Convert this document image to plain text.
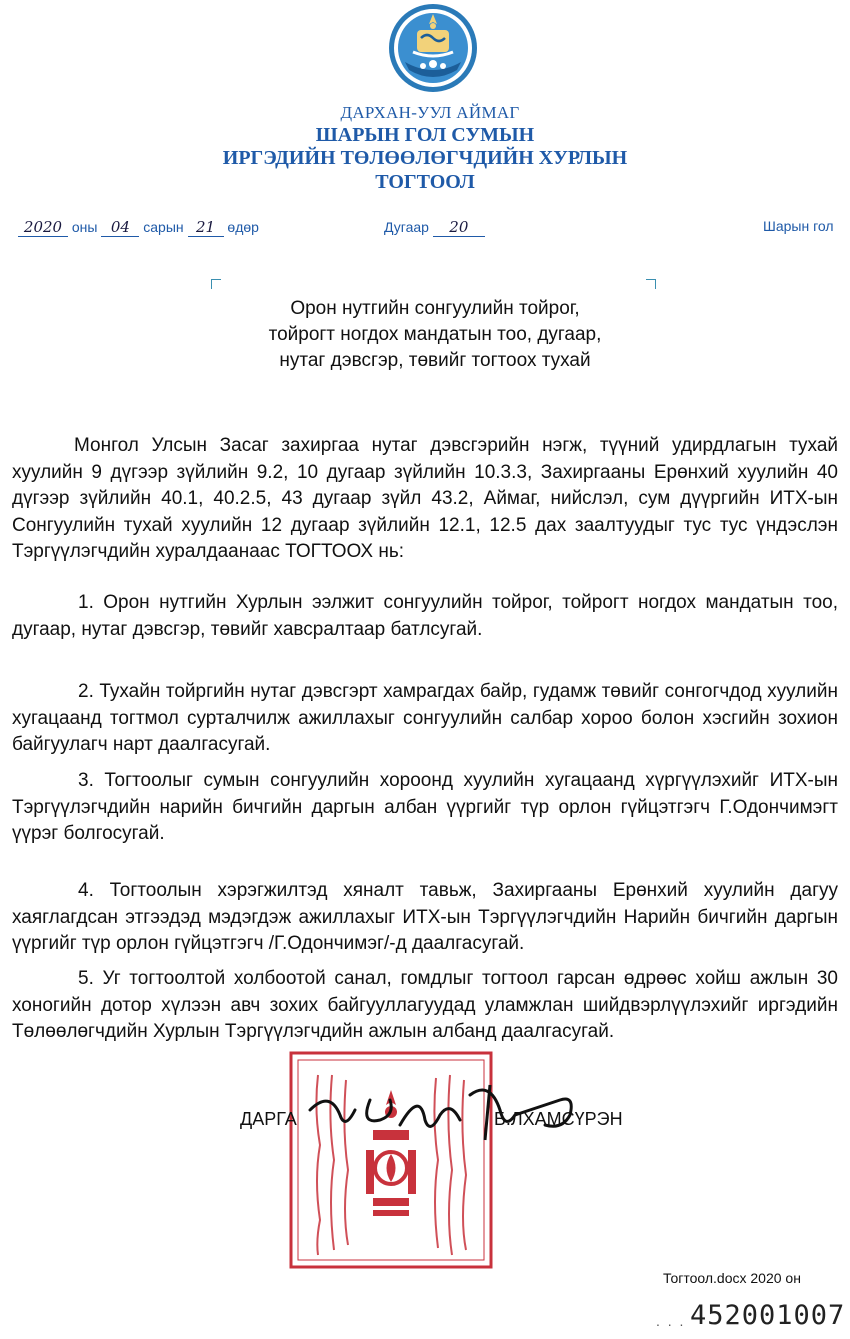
ДАРХАН-УУЛ АЙМАГ
ШАРЫН ГОЛ СУМЫН
ИРГЭДИЙН ТӨЛӨӨЛӨГЧДИЙН ХУРЛЫН
ТОГТООЛ
2020 оны 04 сарын 21 өдөр	Дугаар 20	Шарын гол
Орон нутгийн сонгуулийн тойрог,
тойрогт ногдох мандатын тоо, дугаар,
нутаг дэвсгэр, төвийг тогтоох тухай
Монгол Улсын Засаг захиргаа нутаг дэвсгэрийн нэгж, түүний удирдлагын тухай хуулийн 9 дүгээр зүйлийн 9.2, 10 дугаар зүйлийн 10.3.3, Захиргааны Ерөнхий хуулийн 40 дүгээр зүйлийн 40.1, 40.2.5, 43 дугаар зүйл 43.2, Аймаг, нийслэл, сум дүүргийн ИТХ-ын Сонгуулийн тухай хуулийн 12 дугаар зүйлийн 12.1, 12.5 дах заалтуудыг тус тус үндэслэн Тэргүүлэгчдийн хуралдаанаас ТОГТООХ нь:
1. Орон нутгийн Хурлын ээлжит сонгуулийн тойрог, тойрогт ногдох мандатын тоо, дугаар, нутаг дэвсгэр, төвийг хавсралтаар батлсугай.
2. Тухайн тойргийн нутаг дэвсгэрт хамрагдах байр, гудамж төвийг сонгогчдод хуулийн хугацаанд тогтмол сурталчилж ажиллахыг сонгуулийн салбар хороо болон хэсгийн зохион байгуулагч нарт даалгасугай.
3. Тогтоолыг сумын сонгуулийн хороонд хуулийн хугацаанд хүргүүлэхийг ИТХ-ын Тэргүүлэгчдийн нарийн бичгийн даргын албан үүргийг түр орлон гүйцэтгэгч Г.Одончимэгт үүрэг болгосугай.
4. Тогтоолын хэрэгжилтэд хяналт тавьж, Захиргааны Ерөнхий хуулийн дагуу хаяглагдсан этгээдэд мэдэгдэж ажиллахыг ИТХ-ын Тэргүүлэгчдийн Нарийн бичгийн даргын үүргийг түр орлон гүйцэтгэгч /Г.Одончимэг/-д даалгасугай.
5. Уг тогтоолтой холбоотой санал, гомдлыг тогтоол гарсан өдрөөс хойш ажлын 30 хоногийн дотор хүлээн авч зохих байгууллагуудад уламжлан шийдвэрлүүлэхийг иргэдийн Төлөөлөгчдийн Хурлын Тэргүүлэгчдийн ажлын албанд даалгасугай.
ДАРГА	Б.ЛХАМСҮРЭН
Тогтоол.docx 2020 он
. . . 452001007
